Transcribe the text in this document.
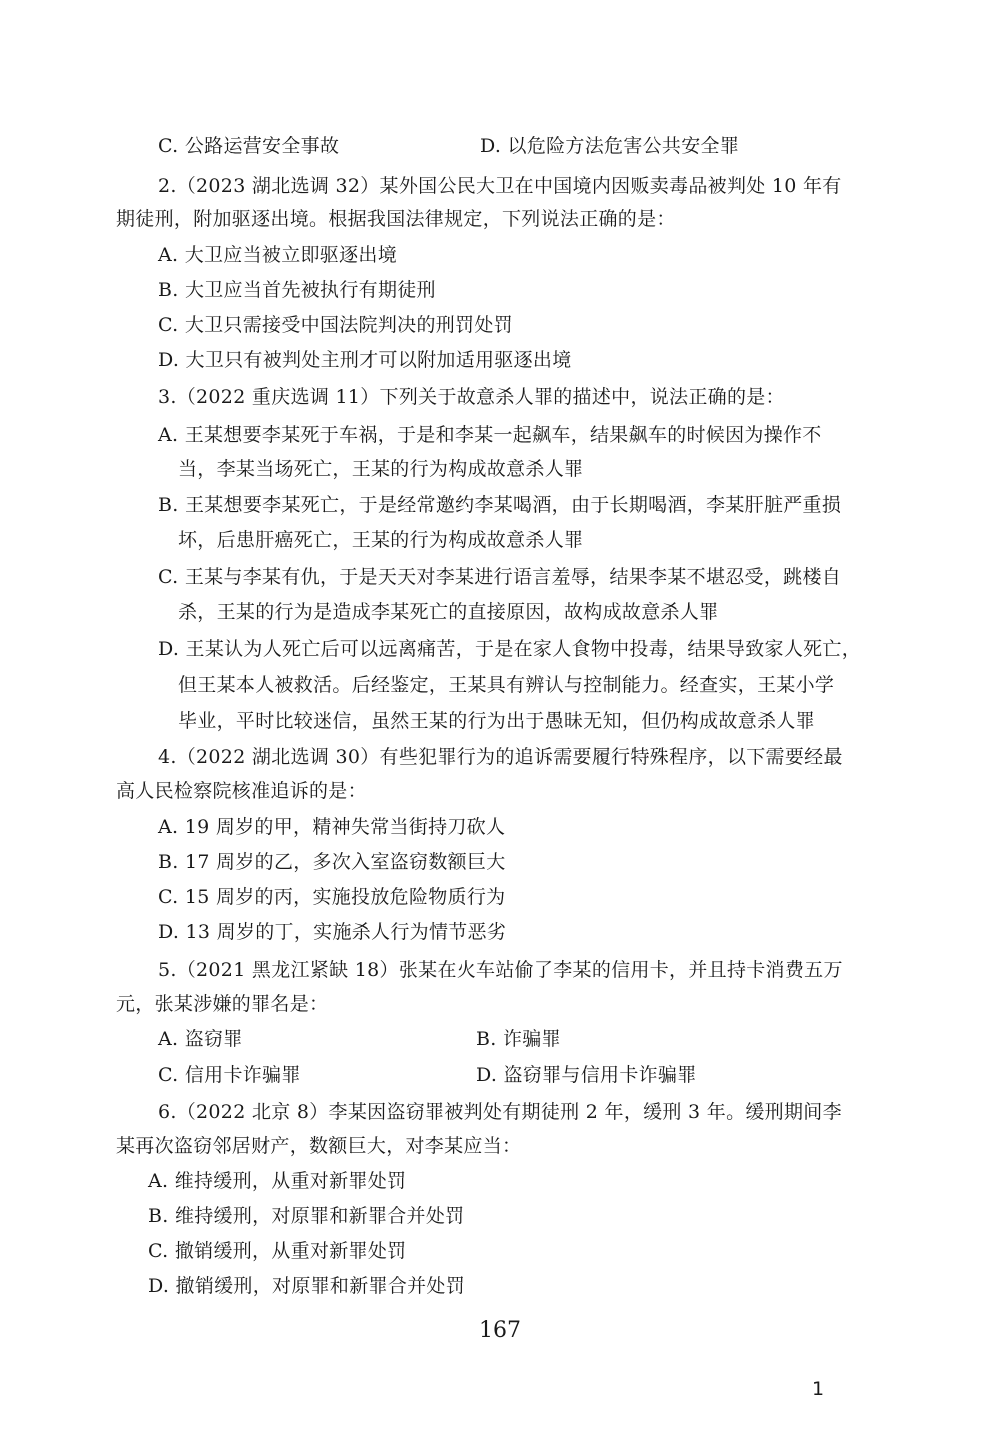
C. 公路运营安全事故	D. 以危险方法危害公共安全罪
2.（2023 湖北选调 32）某外国公民大卫在中国境内因贩卖毒品被判处 10 年有
期徒刑，附加驱逐出境。根据我国法律规定，下列说法正确的是：
A. 大卫应当被立即驱逐出境
B. 大卫应当首先被执行有期徒刑
C. 大卫只需接受中国法院判决的刑罚处罚
D. 大卫只有被判处主刑才可以附加适用驱逐出境
3.（2022 重庆选调 11）下列关于故意杀人罪的描述中，说法正确的是：
A. 王某想要李某死于车祸，于是和李某一起飙车，结果飙车的时候因为操作不
当，李某当场死亡，王某的行为构成故意杀人罪
B. 王某想要李某死亡，于是经常邀约李某喝酒，由于长期喝酒，李某肝脏严重损
坏，后患肝癌死亡，王某的行为构成故意杀人罪
C. 王某与李某有仇，于是天天对李某进行语言羞辱，结果李某不堪忍受，跳楼自
杀，王某的行为是造成李某死亡的直接原因，故构成故意杀人罪
D. 王某认为人死亡后可以远离痛苦，于是在家人食物中投毒，结果导致家人死亡，
但王某本人被救活。后经鉴定，王某具有辨认与控制能力。经查实，王某小学
毕业，平时比较迷信，虽然王某的行为出于愚昧无知，但仍构成故意杀人罪
4.（2022 湖北选调 30）有些犯罪行为的追诉需要履行特殊程序，以下需要经最
高人民检察院核准追诉的是：
A. 19 周岁的甲，精神失常当街持刀砍人
B. 17 周岁的乙，多次入室盗窃数额巨大
C. 15 周岁的丙，实施投放危险物质行为
D. 13 周岁的丁，实施杀人行为情节恶劣
5.（2021 黑龙江紧缺 18）张某在火车站偷了李某的信用卡，并且持卡消费五万
元，张某涉嫌的罪名是：
A. 盗窃罪	B. 诈骗罪
C. 信用卡诈骗罪	D. 盗窃罪与信用卡诈骗罪
6.（2022 北京 8）李某因盗窃罪被判处有期徒刑 2 年，缓刑 3 年。缓刑期间李
某再次盗窃邻居财产，数额巨大，对李某应当：
A. 维持缓刑，从重对新罪处罚
B. 维持缓刑，对原罪和新罪合并处罚
C. 撤销缓刑，从重对新罪处罚
D. 撤销缓刑，对原罪和新罪合并处罚
167
1
